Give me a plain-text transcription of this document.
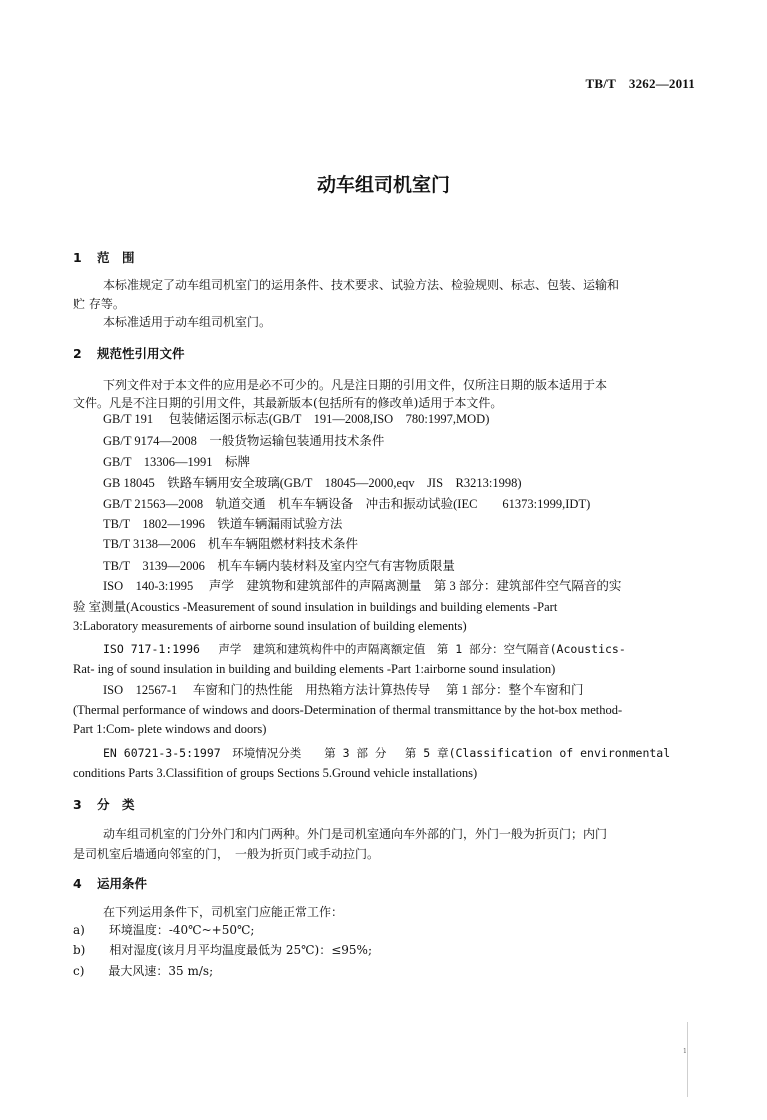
TB/T　3262—2011
动车组司机室门
1 范　围
本标准规定了动车组司机室门的运用条件、技术要求、试验方法、检验规则、标志、包装、运输和
贮 存等。
本标准适用于动车组司机室门。
2 规范性引用文件
下列文件对于本文件的应用是必不可少的。凡是注日期的引用文件，仅所注日期的版本适用于本
文件。凡是不注日期的引用文件，其最新版本(包括所有的修改单)适用于本文件。
GB/T 191　 包装储运图示标志(GB/T　191—2008,ISO　780:1997,MOD)
GB/T 9174—2008　一般货物运输包装通用技术条件
GB/T　13306—1991　标牌
GB 18045　铁路车辆用安全玻璃(GB/T　18045—2000,eqv　JIS　R3213:1998)
GB/T 21563—2008　轨道交通　机车车辆设备　冲击和振动试验(IEC　　61373:1999,IDT)
TB/T　1802—1996　铁道车辆漏雨试验方法
TB/T 3138—2006　机车车辆阻燃材料技术条件
TB/T　3139—2006　机车车辆内装材料及室内空气有害物质限量
ISO　140-3:1995　 声学　建筑物和建筑部件的声隔离测量　第 3 部分：建筑部件空气隔音的实
验 室测量(Acoustics -Measurement of sound insulation in buildings and building elements -Part
3:Laboratory measurements of airborne sound insulation of building elements)
ISO 717-1:1996　 声学　建筑和建筑构件中的声隔离额定值　第 1 部分：空气隔音(Acoustics-
Rat- ing of sound insulation in building and building elements -Part 1:airborne sound insulation)
ISO　12567-1　 车窗和门的热性能　用热箱方法计算热传导　 第 1 部分：整个车窗和门
(Thermal performance of windows and doors-Determination of thermal transmittance by the hot-box method-
Part 1:Com- plete windows and doors)
EN 60721-3-5:1997　环境情况分类　　第 3 部 分　 第 5 章(Classification of environmental
conditions Parts 3.Classifition of groups Sections 5.Ground vehicle installations)
3 分　类
动车组司机室的门分外门和内门两种。外门是司机室通向车外部的门，外门一般为折页门；内门
是司机室后墙通向邻室的门，　一般为折页门或手动拉门。
4 运用条件
在下列运用条件下，司机室门应能正常工作：
a)　　环境温度：-40℃~+50℃;
b)　　相对湿度(该月月平均温度最低为 25℃)：≤95%;
c)　　最大风速：35 m/s;
1
